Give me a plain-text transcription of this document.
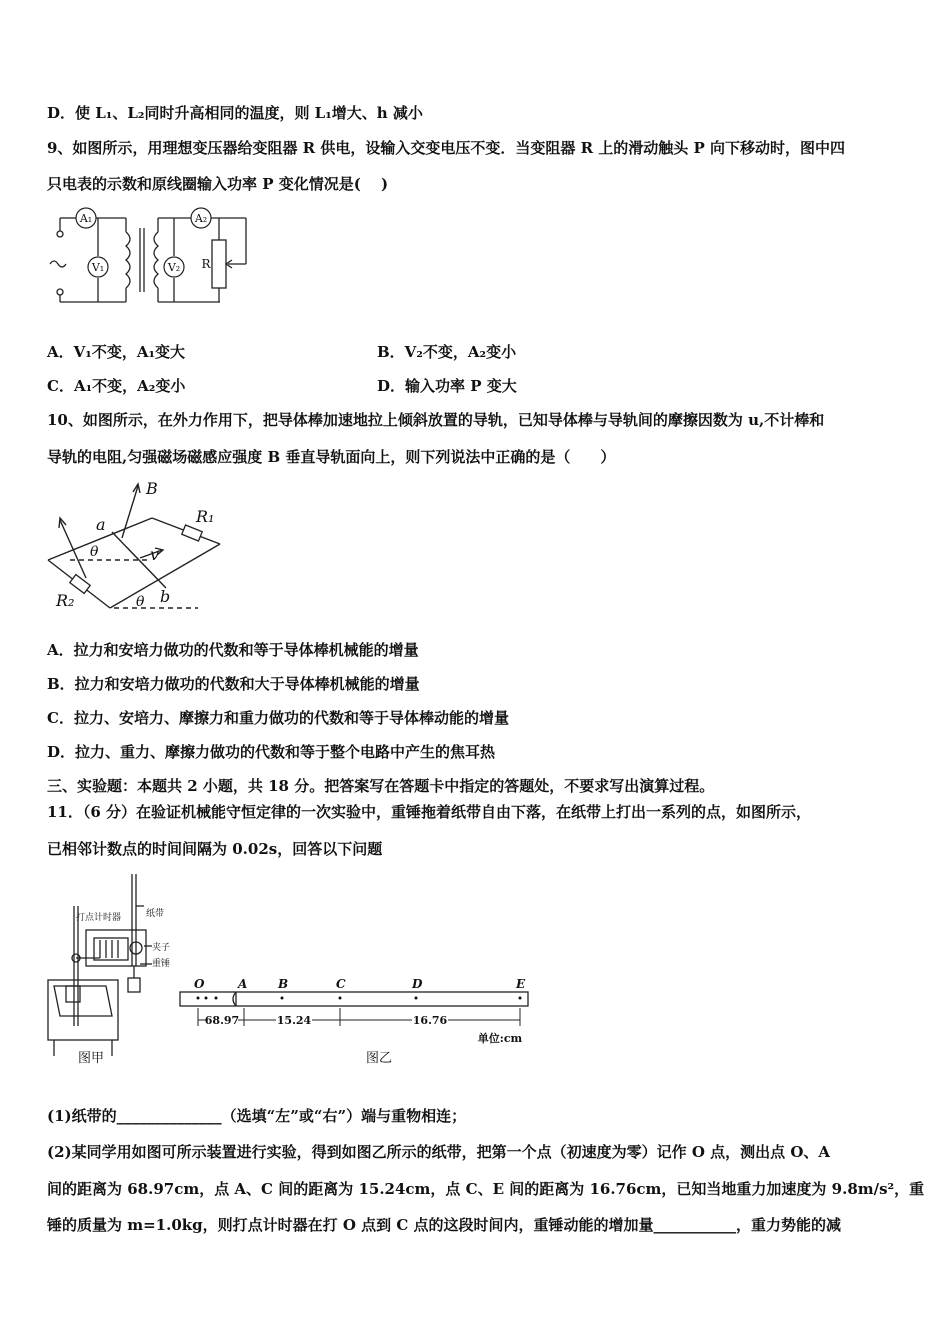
D．使 L₁、L₂同时升高相同的温度，则 L₁增大、h 减小
9、如图所示，用理想变压器给变阻器 R 供电，设输入交变电压不变．当变阻器 R 上的滑动触头 P 向下移动时，图中四
只电表的示数和原线圈输入功率 P 变化情况是(　 )
A₁
V₁	V₂
A₂
R
A．V₁不变，A₁变大	B．V₂不变，A₂变小
C．A₁不变，A₂变小	D．输入功率 P 变大
10、如图所示，在外力作用下，把导体棒加速地拉上倾斜放置的导轨，已知导体棒与导轨间的摩擦因数为 u,不计棒和
导轨的电阻,匀强磁场磁感应强度 B 垂直导轨面向上，则下列说法中正确的是（　　）
B
R₁
R₂
a
b
v
θ
θ
A．拉力和安培力做功的代数和等于导体棒机械能的增量
B．拉力和安培力做功的代数和大于导体棒机械能的增量
C．拉力、安培力、摩擦力和重力做功的代数和等于导体棒动能的增量
D．拉力、重力、摩擦力做功的代数和等于整个电路中产生的焦耳热
三、实验题：本题共 2 小题，共 18 分。把答案写在答题卡中指定的答题处，不要求写出演算过程。
11．（6 分）在验证机械能守恒定律的一次实验中，重锤拖着纸带自由下落，在纸带上打出一系列的点，如图所示，
已相邻计数点的时间间隔为 0.02s，回答以下问题
打点计时器	纸带
夹子
重锤
图甲
O	A	B	C	D	E
68.97	15.24	16.76
单位:cm
图乙
(1)纸带的______________（选填“左”或“右”）端与重物相连；
(2)某同学用如图可所示装置进行实验，得到如图乙所示的纸带，把第一个点（初速度为零）记作 O 点，测出点 O、A
间的距离为 68.97cm，点 A、C 间的距离为 15.24cm，点 C、E 间的距离为 16.76cm，已知当地重力加速度为 9.8m/s²，重
锤的质量为 m=1.0kg，则打点计时器在打 O 点到 C 点的这段时间内，重锤动能的增加量___________，重力势能的减
